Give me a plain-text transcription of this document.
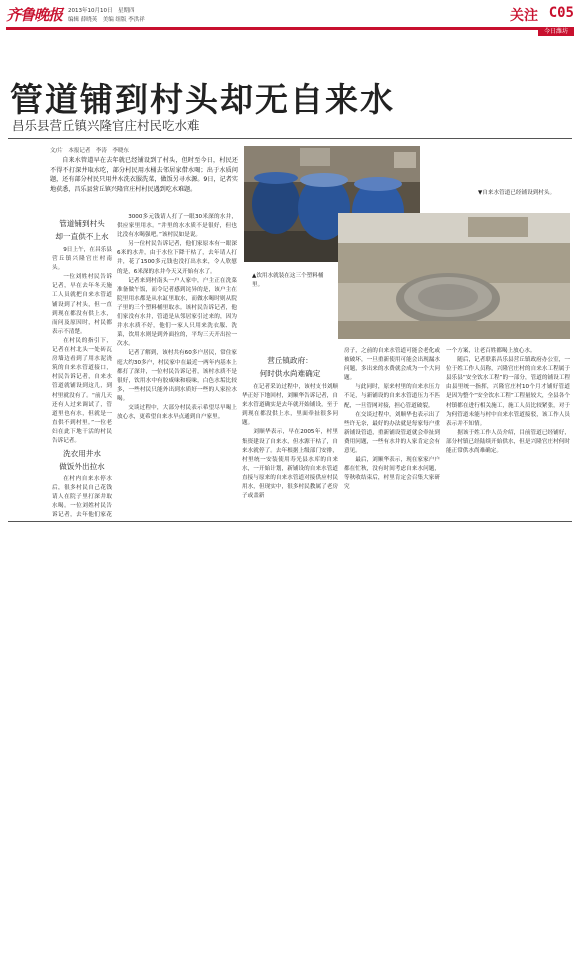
齐鲁晚报 2013年10月10日　星期四
编辑 薛晓英　美编 组版 李洪祥	关注 C05
今日潍坊
管道铺到村头却无自来水
昌乐县营丘镇兴隆官庄村民吃水难
文/片　本报记者　李涛　李晓东
自来水管道早在去年就已经铺设到了村头，但时至今日，村民还不得不打深井取水吃，部分村民用水桶去邻居家借水喝；出于水质问题，还有部分村民只用井水洗衣服洗菜，做饭另寻水源。9日，记者实地获悉，昌乐县营丘镇兴隆官庄村村民遇到吃水难题。
管道铺到村头
却一直供不上水

9日上午，在昌乐县营丘镇兴隆官庄村南头。

一位刘姓村民告诉记者，早在去年冬天施工人员就把自来水管道铺设到了村头，但一直到现在都没有供上水，而问及原因时，村民都表示不清楚。

在村民的指引下，记者在村北头一处砖瓦房墙边看到了用水泥浇筑的自来水管道接口，村民告诉记者，自来水管道就铺设到这儿，到村里就没有了。“前几天还有人过来调试了，管道里也有水，但就是一直供不到村里。”一位老妇在此下地干活的村民告诉记者。

洗衣用井水
做饭外出拉水

在村内自来水停水后，很多村民自己花钱请人在院子里打深井取水喝。一位刘姓村民告诉记者，去年他们家花

3000多元钱请人打了一眼30米深的水井，供应家里用水。“井里的水水质不是很好，但也比没有水喝强吧。”该村民如是说。

另一位村民告诉记者，他们家原本有一眼深6米的水井，由于水位下降干枯了，去年请人打井，花了1500多元钱也没打出水来，令人欣慰的是，6米深的水井今天又开始有水了。

记者来到村南头一户人家中，户主正在洗菜准备做午饭，而令记者感到诧异的是，该户主在院里用水都是从水缸里取水，而做水喝时则从院子里的三个塑料桶里取水。该村民告诉记者，他们家没有水井，管道是从邻居家引过来的，因为井水水质不好，他们一家人只用来洗衣服、洗菜，饮用水则是到外面拉的，平均三天开出拉一次水。

记者了解到，该村共有60多户居民，常住家庭大约30多户，村民家中在最近一两年内基本上都打了深井，一位村民告诉记者，该村水质不是很好，饮用水中有胶咸味和痕味，白色水垢比较多，一些村民只能外出到水质好一些的人家拉水喝。

交谈过程中，大部分村民表示希望尽早喝上放心水，更希望自来水早点通到自户家里。

▲饮用水就装在这三个塑料桶里。
▼自来水管道已经铺设到村头。
营丘镇政府：
何时供水尚难确定

在记者采访过程中，该村支书刘顺华正好下地回村，刘顺华告诉记者，自来水管道确实是去年就开始铺设，至于到现在都没供上水，里面牵扯很多问题。

刘顺华表示，早在2005年，村里集资建设了自来水，但水源干枯了，自来水就停了。去年根据上级部门安排，村里统一安装使用寿光县水库的自来水，一开始计划，新铺设的自来水管道直接与原来的自来水管道对接供应村民用水，但现实中，很多村民教属了老房子或盖新

房子，之前的自来水管道可能会老化或被破坏，一旦重新使用可能会出现漏水问题，多出来的水费就会成为一个大问题。

与此同时，原来村里的自来水压力不足，与新铺设的自来水管道压力不匹配，一旦管网对接，担心管道破裂。

在交谈过程中，刘顺华也表示出了些许无奈，最好的办法就是每家每户重新铺设管道，重新铺设管道就会牵扯到费用问题，一些有水井的人家肯定会有意见。

最后，刘顺华表示，现在家家户户都在忙秋，没有时间考虑自来水问题，等秋收结束后，村里肯定会召集大家研究

一个方案，让老百姓都喝上放心水。

随后，记者联系昌乐县营丘镇政府办公室，一位于姓工作人员称，兴隆官庄村的自来水工程属于县乐县“安全饮水工程”的一部分，管道的铺设工程由县里统一指挥，兴隆官庄村10个月才铺好管道是因为整个“安全饮水工程”工程量较大，全县各个村镇都在进行相关施工，施工人员比较紧张，对于为何管道未能与村中自来水管道接驳，该工作人员表示并不知情。

据该于姓工作人员介绍，目前管道已经铺好，部分村镇已经陆续开始供水，但是兴隆官庄村何时能正常供水尚难确定。
